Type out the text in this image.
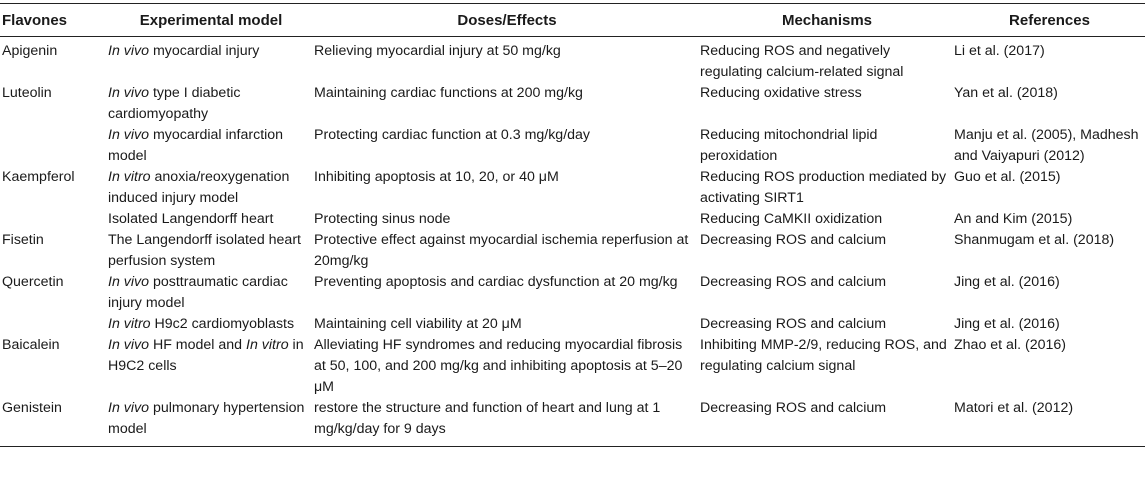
Flavones	Experimental model	Doses/Effects	Mechanisms	References
Apigenin	In vivo myocardial injury	Relieving myocardial injury at 50 mg/kg	Reducing ROS and negatively regulating calcium-related signal	Li et al. (2017)
Luteolin	In vivo type I diabetic cardiomyopathy	Maintaining cardiac functions at 200 mg/kg	Reducing oxidative stress	Yan et al. (2018)
	In vivo myocardial infarction model	Protecting cardiac function at 0.3 mg/kg/day	Reducing mitochondrial lipid peroxidation	Manju et al. (2005), Madhesh and Vaiyapuri (2012)
Kaempferol	In vitro anoxia/reoxygenation induced injury model	Inhibiting apoptosis at 10, 20, or 40 μM	Reducing ROS production mediated by activating SIRT1	Guo et al. (2015)
	Isolated Langendorff heart	Protecting sinus node	Reducing CaMKII oxidization	An and Kim (2015)
Fisetin	The Langendorff isolated heart perfusion system	Protective effect against myocardial ischemia reperfusion at 20mg/kg	Decreasing ROS and calcium	Shanmugam et al. (2018)
Quercetin	In vivo posttraumatic cardiac injury model	Preventing apoptosis and cardiac dysfunction at 20 mg/kg	Decreasing ROS and calcium	Jing et al. (2016)
	In vitro H9c2 cardiomyoblasts	Maintaining cell viability at 20 μM	Decreasing ROS and calcium	Jing et al. (2016)
Baicalein	In vivo HF model and In vitro in H9C2 cells	Alleviating HF syndromes and reducing myocardial fibrosis at 50, 100, and 200 mg/kg and inhibiting apoptosis at 5–20 μM	Inhibiting MMP-2/9, reducing ROS, and regulating calcium signal	Zhao et al. (2016)
Genistein	In vivo pulmonary hypertension model	restore the structure and function of heart and lung at 1 mg/kg/day for 9 days	Decreasing ROS and calcium	Matori et al. (2012)
